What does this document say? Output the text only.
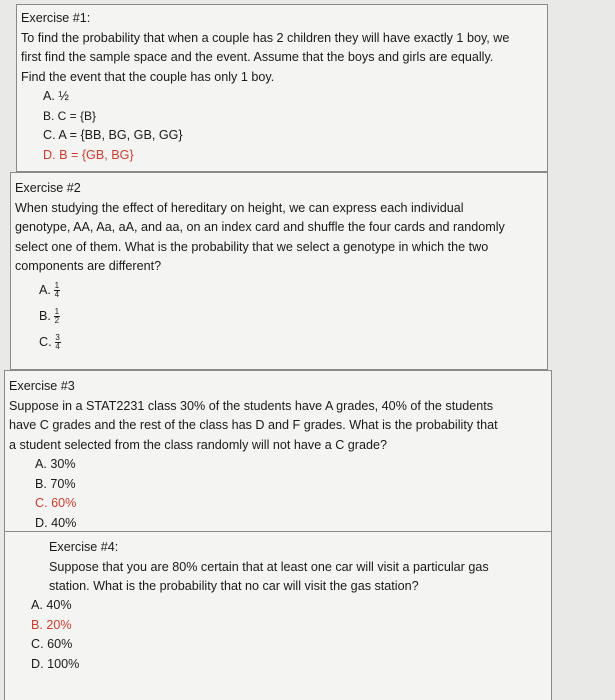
Exercise #1:
To find the probability that when a couple has 2 children they will have exactly 1 boy, we
first find the sample space and the event. Assume that the boys and girls are equally.
Find the event that the couple has only 1 boy.
A. ½
B. C = {B}
C. A = {BB, BG, GB, GG}
D. B = {GB, BG}
Exercise #2
When studying the effect of hereditary on height, we can express each individual
genotype, AA, Aa, aA, and aa, on an index card and shuffle the four cards and randomly
select one of them. What is the probability that we select a genotype in which the two
components are different?
A. $\frac{1}{4}$
B. $\frac{1}{2}$
C. $\frac{3}{4}$
Exercise #3
Suppose in a STAT2231 class 30% of the students have A grades, 40% of the students
have C grades and the rest of the class has D and F grades. What is the probability that
a student selected from the class randomly will not have a C grade?
A. 30%
B. 70%
C. 60%
D. 40%
Exercise #4:
Suppose that you are 80% certain that at least one car will visit a particular gas
station. What is the probability that no car will visit the gas station?
A. 40%
B. 20%
C. 60%
D. 100%
